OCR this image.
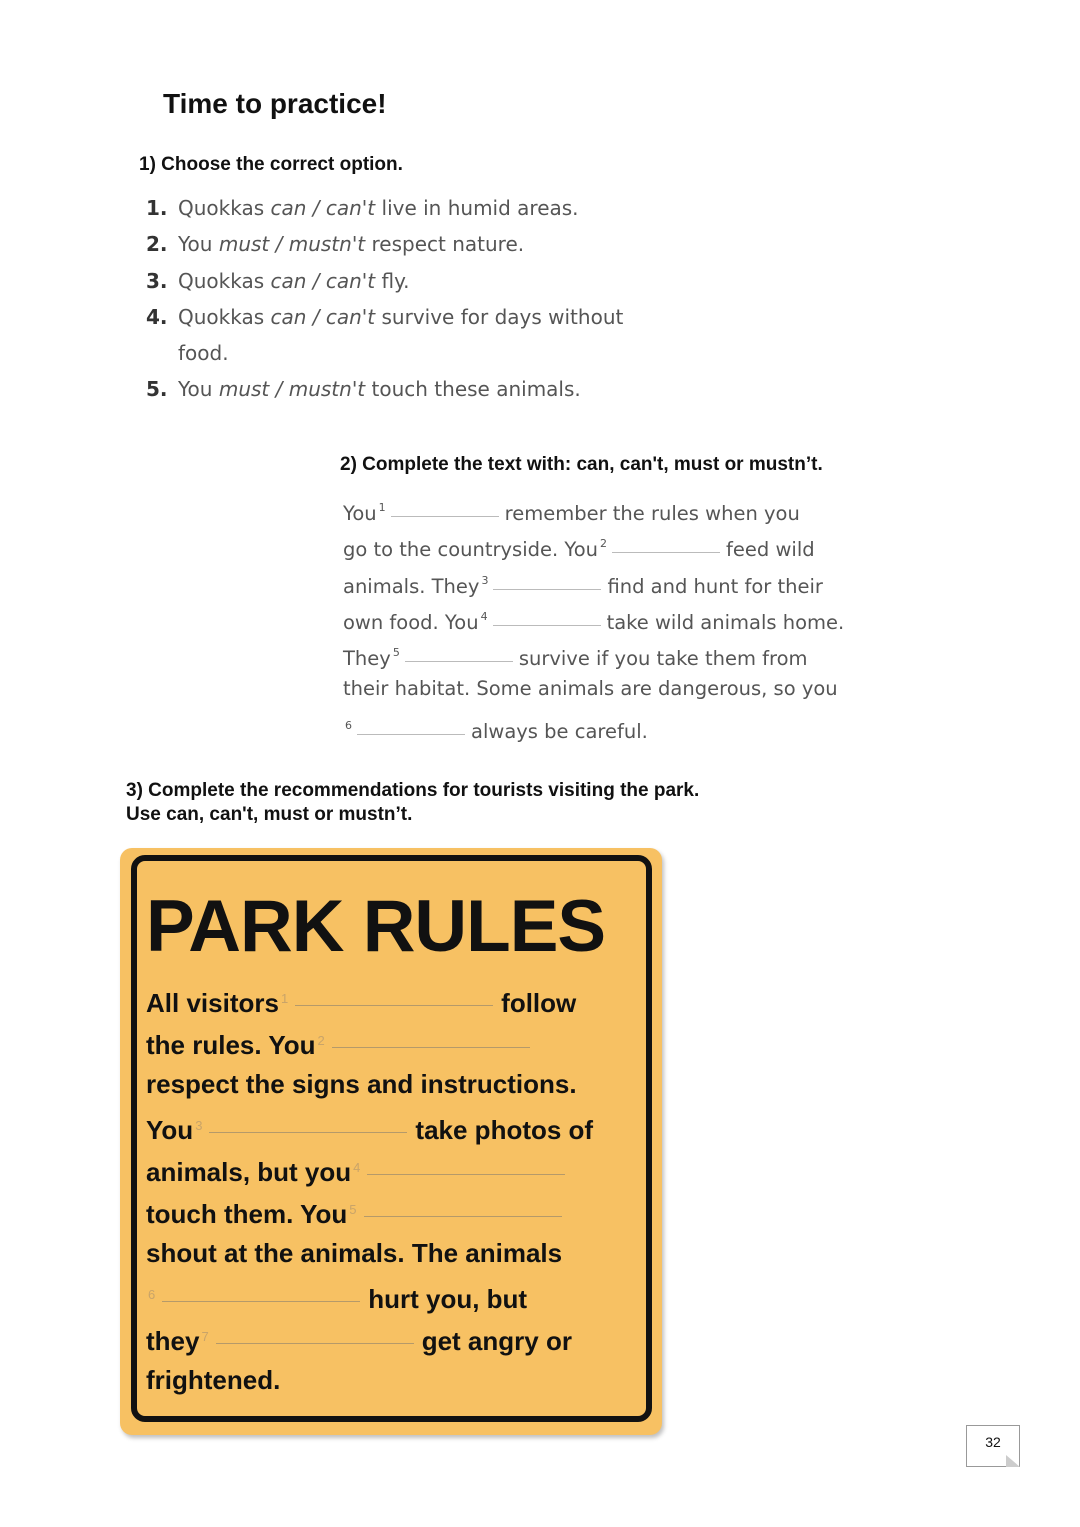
Time to practice!
1) Choose the correct option.
1. Quokkas can / can't live in humid areas.
2. You must / mustn't respect nature.
3. Quokkas can / can't fly.
4. Quokkas can / can't survive for days without
food.
5. You must / mustn't touch these animals.
2) Complete the text with: can, can't, must or mustn’t.
You $^1$	remember the rules when you
go to the countryside. You $^2$	feed wild
animals. They $^3$	find and hunt for their
own food. You $^4$	take wild animals home.
They $^5$	survive if you take them from
their habitat. Some animals are dangerous, so you
$^6$	always be careful.
3) Complete the recommendations for tourists visiting the park.
Use can, can't, must or mustn’t.
PARK RULES
All visitors $^1$	follow
the rules. You $^2$
respect the signs and instructions.
You $^3$	take photos of
animals, but you $^4$
touch them. You $^5$
shout at the animals. The animals
$^6$	hurt you, but
they $^7$	get angry or
frightened.
32
